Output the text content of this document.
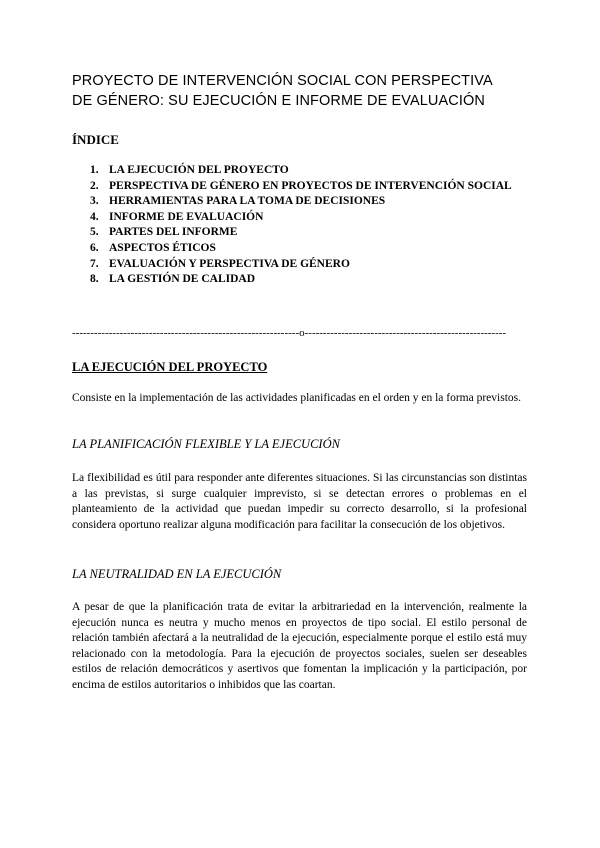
PROYECTO DE INTERVENCIÓN SOCIAL CON PERSPECTIVA
DE GÉNERO: SU EJECUCIÓN E INFORME DE EVALUACIÓN
ÍNDICE
1. LA EJECUCIÓN DEL PROYECTO
2. PERSPECTIVA DE GÉNERO EN PROYECTOS DE INTERVENCIÓN SOCIAL
3. HERRAMIENTAS PARA LA TOMA DE DECISIONES
4. INFORME DE EVALUACIÓN
5. PARTES DEL INFORME
6. ASPECTOS ÉTICOS
7. EVALUACIÓN Y PERSPECTIVA DE GÉNERO
8. LA GESTIÓN DE CALIDAD
--------------------------------------------------------------o-------------------------------------------------------
LA EJECUCIÓN DEL PROYECTO
Consiste en la implementación de las actividades planificadas en el orden y en la forma previstos.
LA PLANIFICACIÓN FLEXIBLE Y LA EJECUCIÓN
La flexibilidad es útil para responder ante diferentes situaciones. Si las circunstancias son distintas a las previstas, si surge cualquier imprevisto, si se detectan errores o problemas en el planteamiento de la actividad que puedan impedir su correcto desarrollo, si la profesional considera oportuno realizar alguna modificación para facilitar la consecución de los objetivos.
LA NEUTRALIDAD EN LA EJECUCIÓN
A pesar de que la planificación trata de evitar la arbitrariedad en la intervención, realmente la ejecución nunca es neutra y mucho menos en proyectos de tipo social. El estilo personal de relación también afectará a la neutralidad de la ejecución, especialmente porque el estilo está muy relacionado con la metodología. Para la ejecución de proyectos sociales, suelen ser deseables estilos de relación democráticos y asertivos que fomentan la implicación y la participación, por encima de estilos autoritarios o inhibidos que las coartan.
